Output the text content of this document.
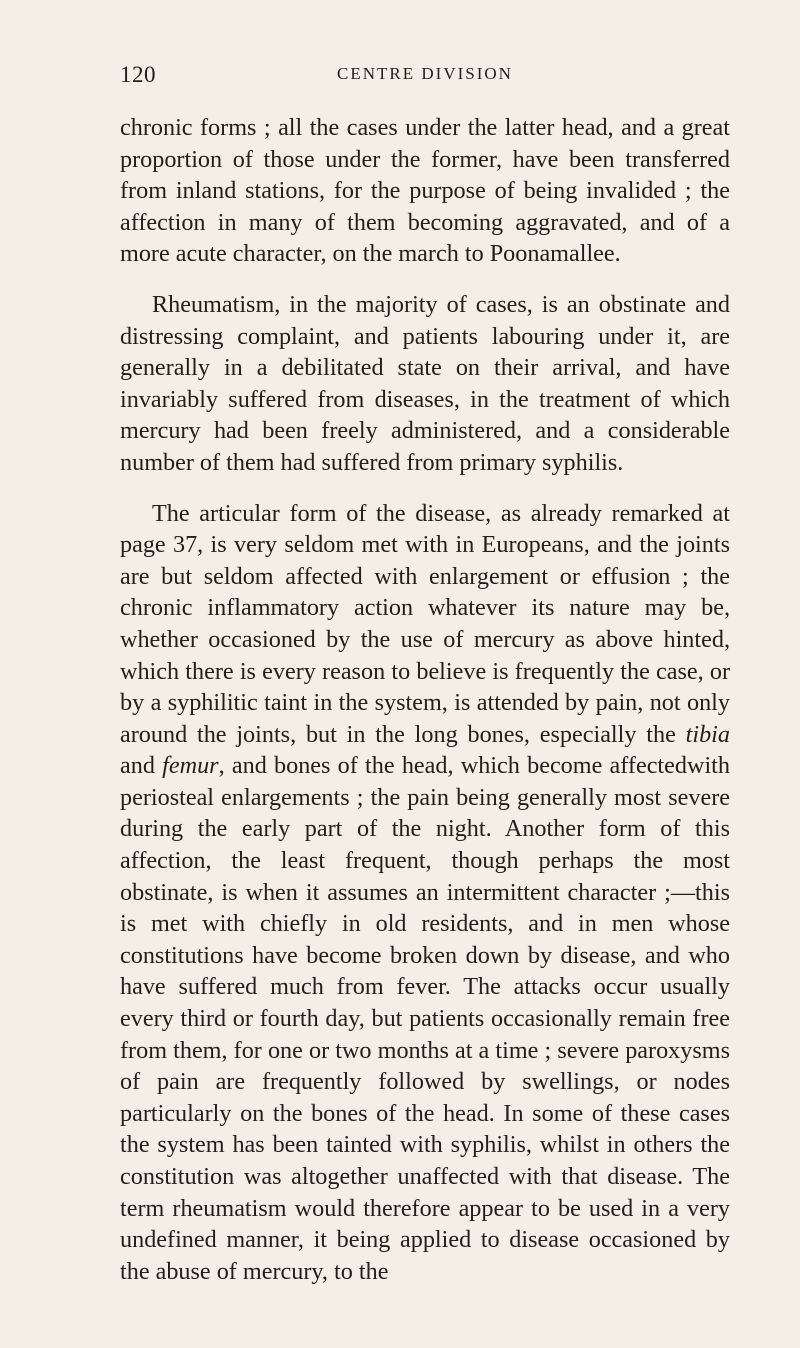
120	CENTRE DIVISION

chronic forms ; all the cases under the latter head, and a great proportion of those under the former, have been transferred from inland stations, for the purpose of being invalided ; the affection in many of them becoming aggravated, and of a more acute character, on the march to Poonamallee.

Rheumatism, in the majority of cases, is an obstinate and distressing complaint, and patients labouring under it, are generally in a debilitated state on their arrival, and have invariably suffered from diseases, in the treatment of which mercury had been freely administered, and a considerable number of them had suffered from primary syphilis.

The articular form of the disease, as already remarked at page 37, is very seldom met with in Europeans, and the joints are but seldom affected with enlargement or effusion ; the chronic inflammatory action whatever its nature may be, whether occasioned by the use of mercury as above hinted, which there is every reason to believe is frequently the case, or by a syphilitic taint in the system, is attended by pain, not only around the joints, but in the long bones, especially the tibia and femur, and bones of the head, which become affectedwith periosteal enlargements ; the pain being generally most severe during the early part of the night. Another form of this affection, the least frequent, though perhaps the most obstinate, is when it assumes an intermittent character ;—this is met with chiefly in old residents, and in men whose constitutions have become broken down by disease, and who have suffered much from fever. The attacks occur usually every third or fourth day, but patients occasionally remain free from them, for one or two months at a time ; severe paroxysms of pain are frequently followed by swellings, or nodes particularly on the bones of the head. In some of these cases the system has been tainted with syphilis, whilst in others the constitution was altogether unaffected with that disease. The term rheumatism would therefore appear to be used in a very undefined manner, it being applied to disease occasioned by the abuse of mercury, to the
